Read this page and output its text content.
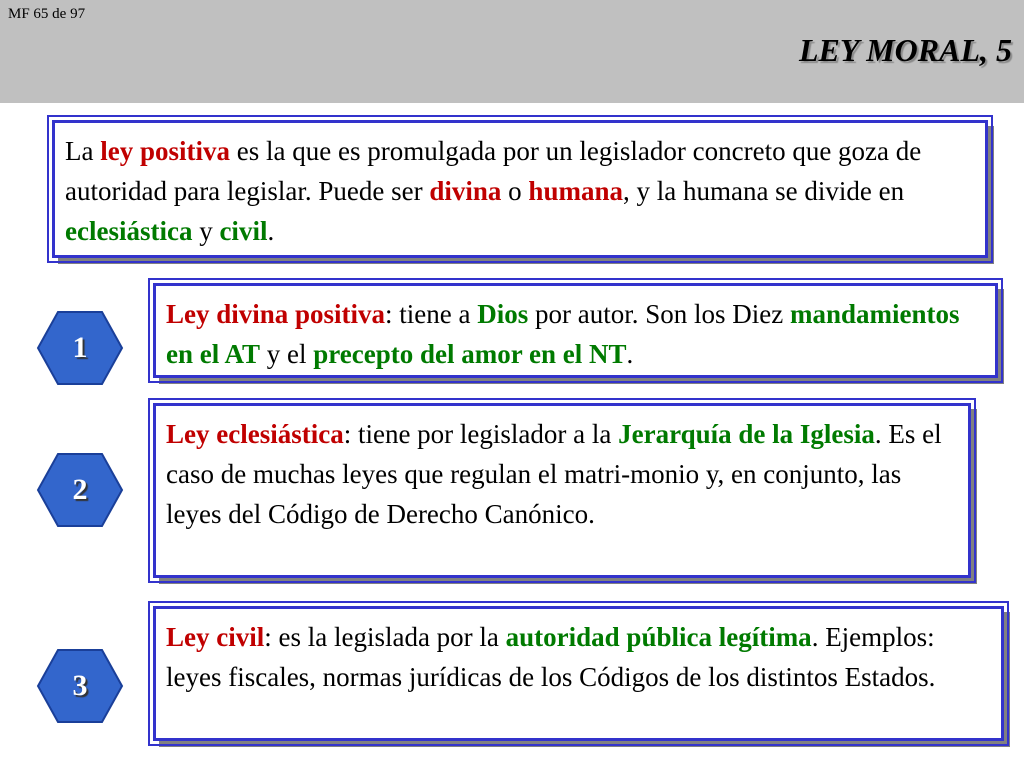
MF 65 de 97
LEY MORAL, 5

La ley positiva es la que es promulgada por un legislador concreto que goza de autoridad para legislar. Puede ser divina o humana, y la humana se divide en eclesiástica y civil.

1

Ley divina positiva: tiene a Dios por autor. Son los Diez mandamientos en el AT y el precepto del amor en el NT.

2

Ley eclesiástica: tiene por legislador a la Jerarquía de la Iglesia. Es el caso de muchas leyes que regulan el matri-monio y, en conjunto, las leyes del Código de Derecho Canónico.

3

Ley civil: es la legislada por la autoridad pública legítima. Ejemplos: leyes fiscales, normas jurídicas de los Códigos de los distintos Estados.
